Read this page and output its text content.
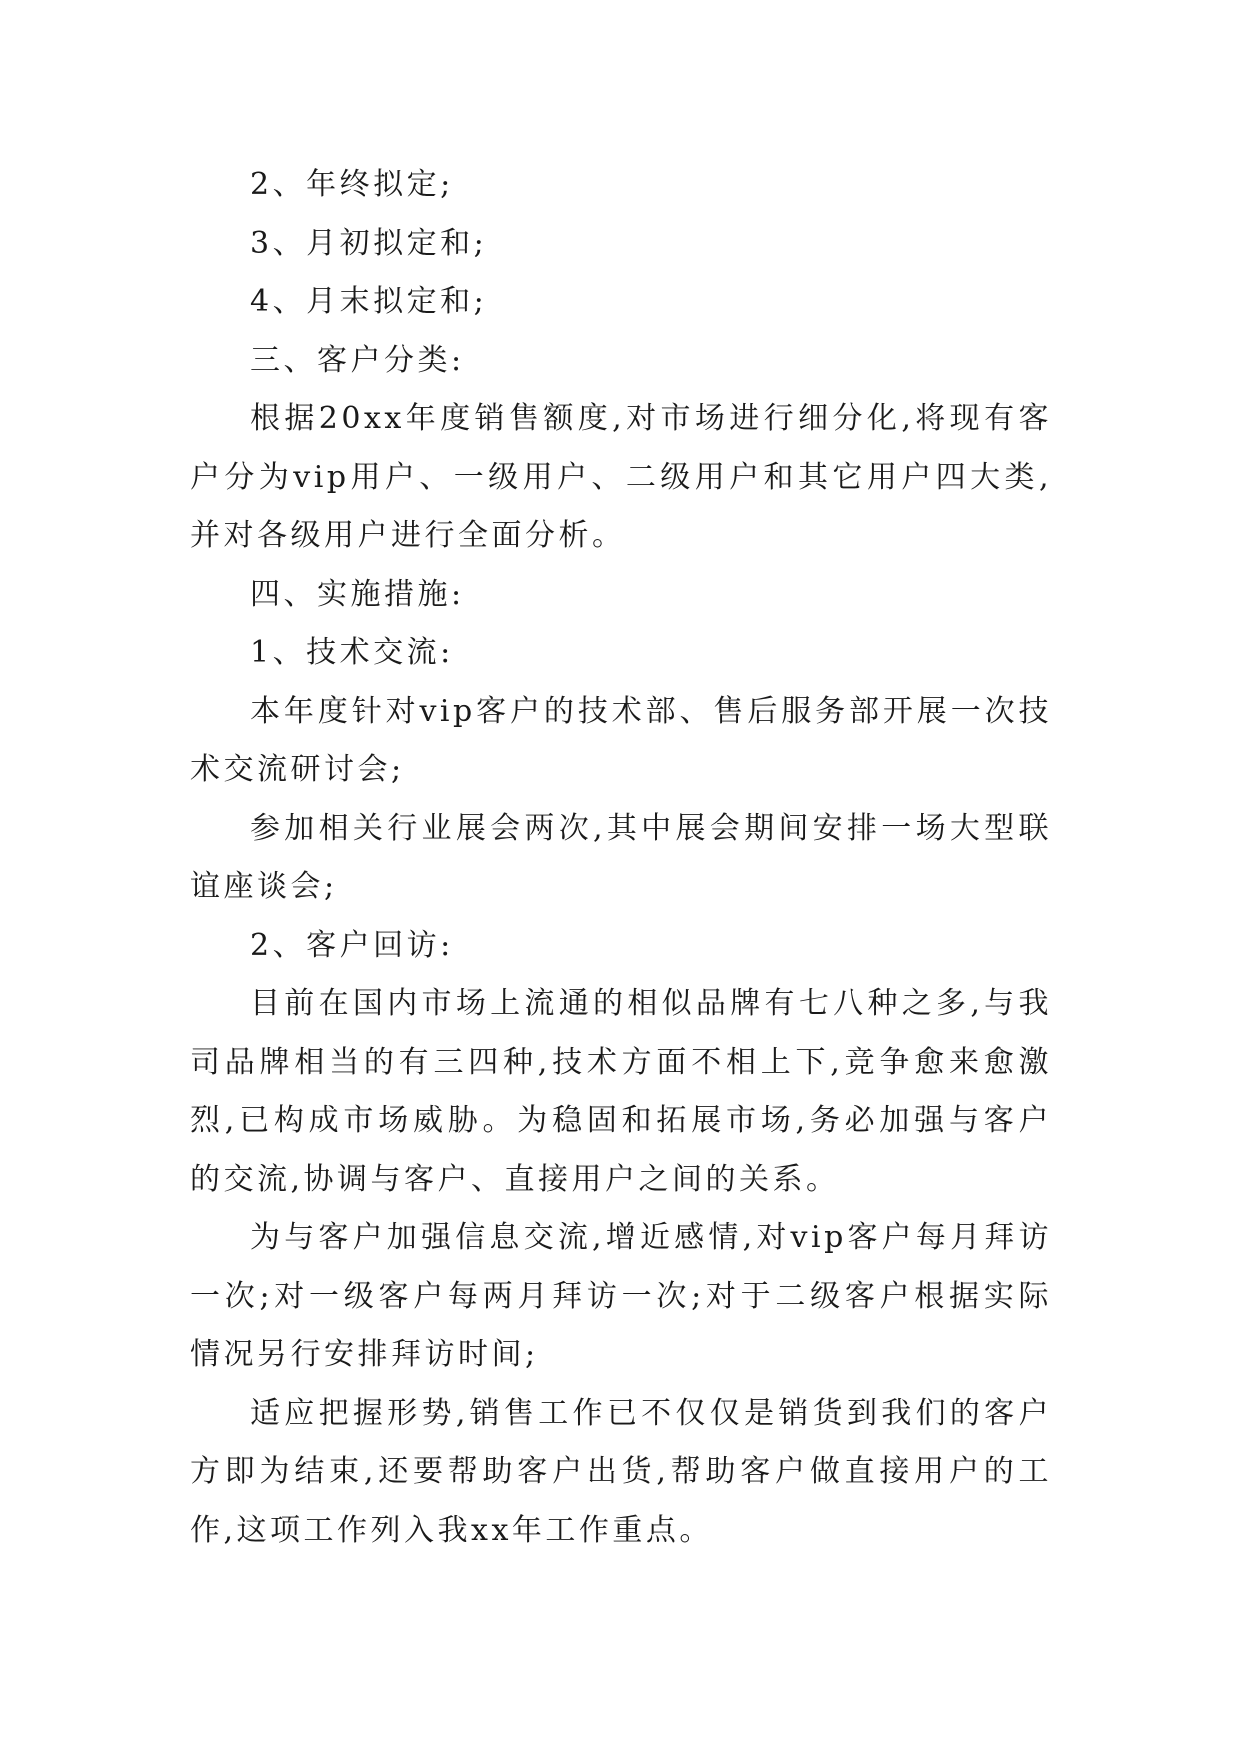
2、年终拟定;

3、月初拟定和;

4、月末拟定和;

三、客户分类:

根据20xx年度销售额度,对市场进行细分化,将现有客户分为vip用户、一级用户、二级用户和其它用户四大类,并对各级用户进行全面分析。

四、实施措施:

1、技术交流:

本年度针对vip客户的技术部、售后服务部开展一次技术交流研讨会;

参加相关行业展会两次,其中展会期间安排一场大型联谊座谈会;

2、客户回访:

目前在国内市场上流通的相似品牌有七八种之多,与我司品牌相当的有三四种,技术方面不相上下,竞争愈来愈激烈,已构成市场威胁。为稳固和拓展市场,务必加强与客户的交流,协调与客户、直接用户之间的关系。

为与客户加强信息交流,增近感情,对vip客户每月拜访一次;对一级客户每两月拜访一次;对于二级客户根据实际情况另行安排拜访时间;

适应把握形势,销售工作已不仅仅是销货到我们的客户方即为结束,还要帮助客户出货,帮助客户做直接用户的工作,这项工作列入我xx年工作重点。
